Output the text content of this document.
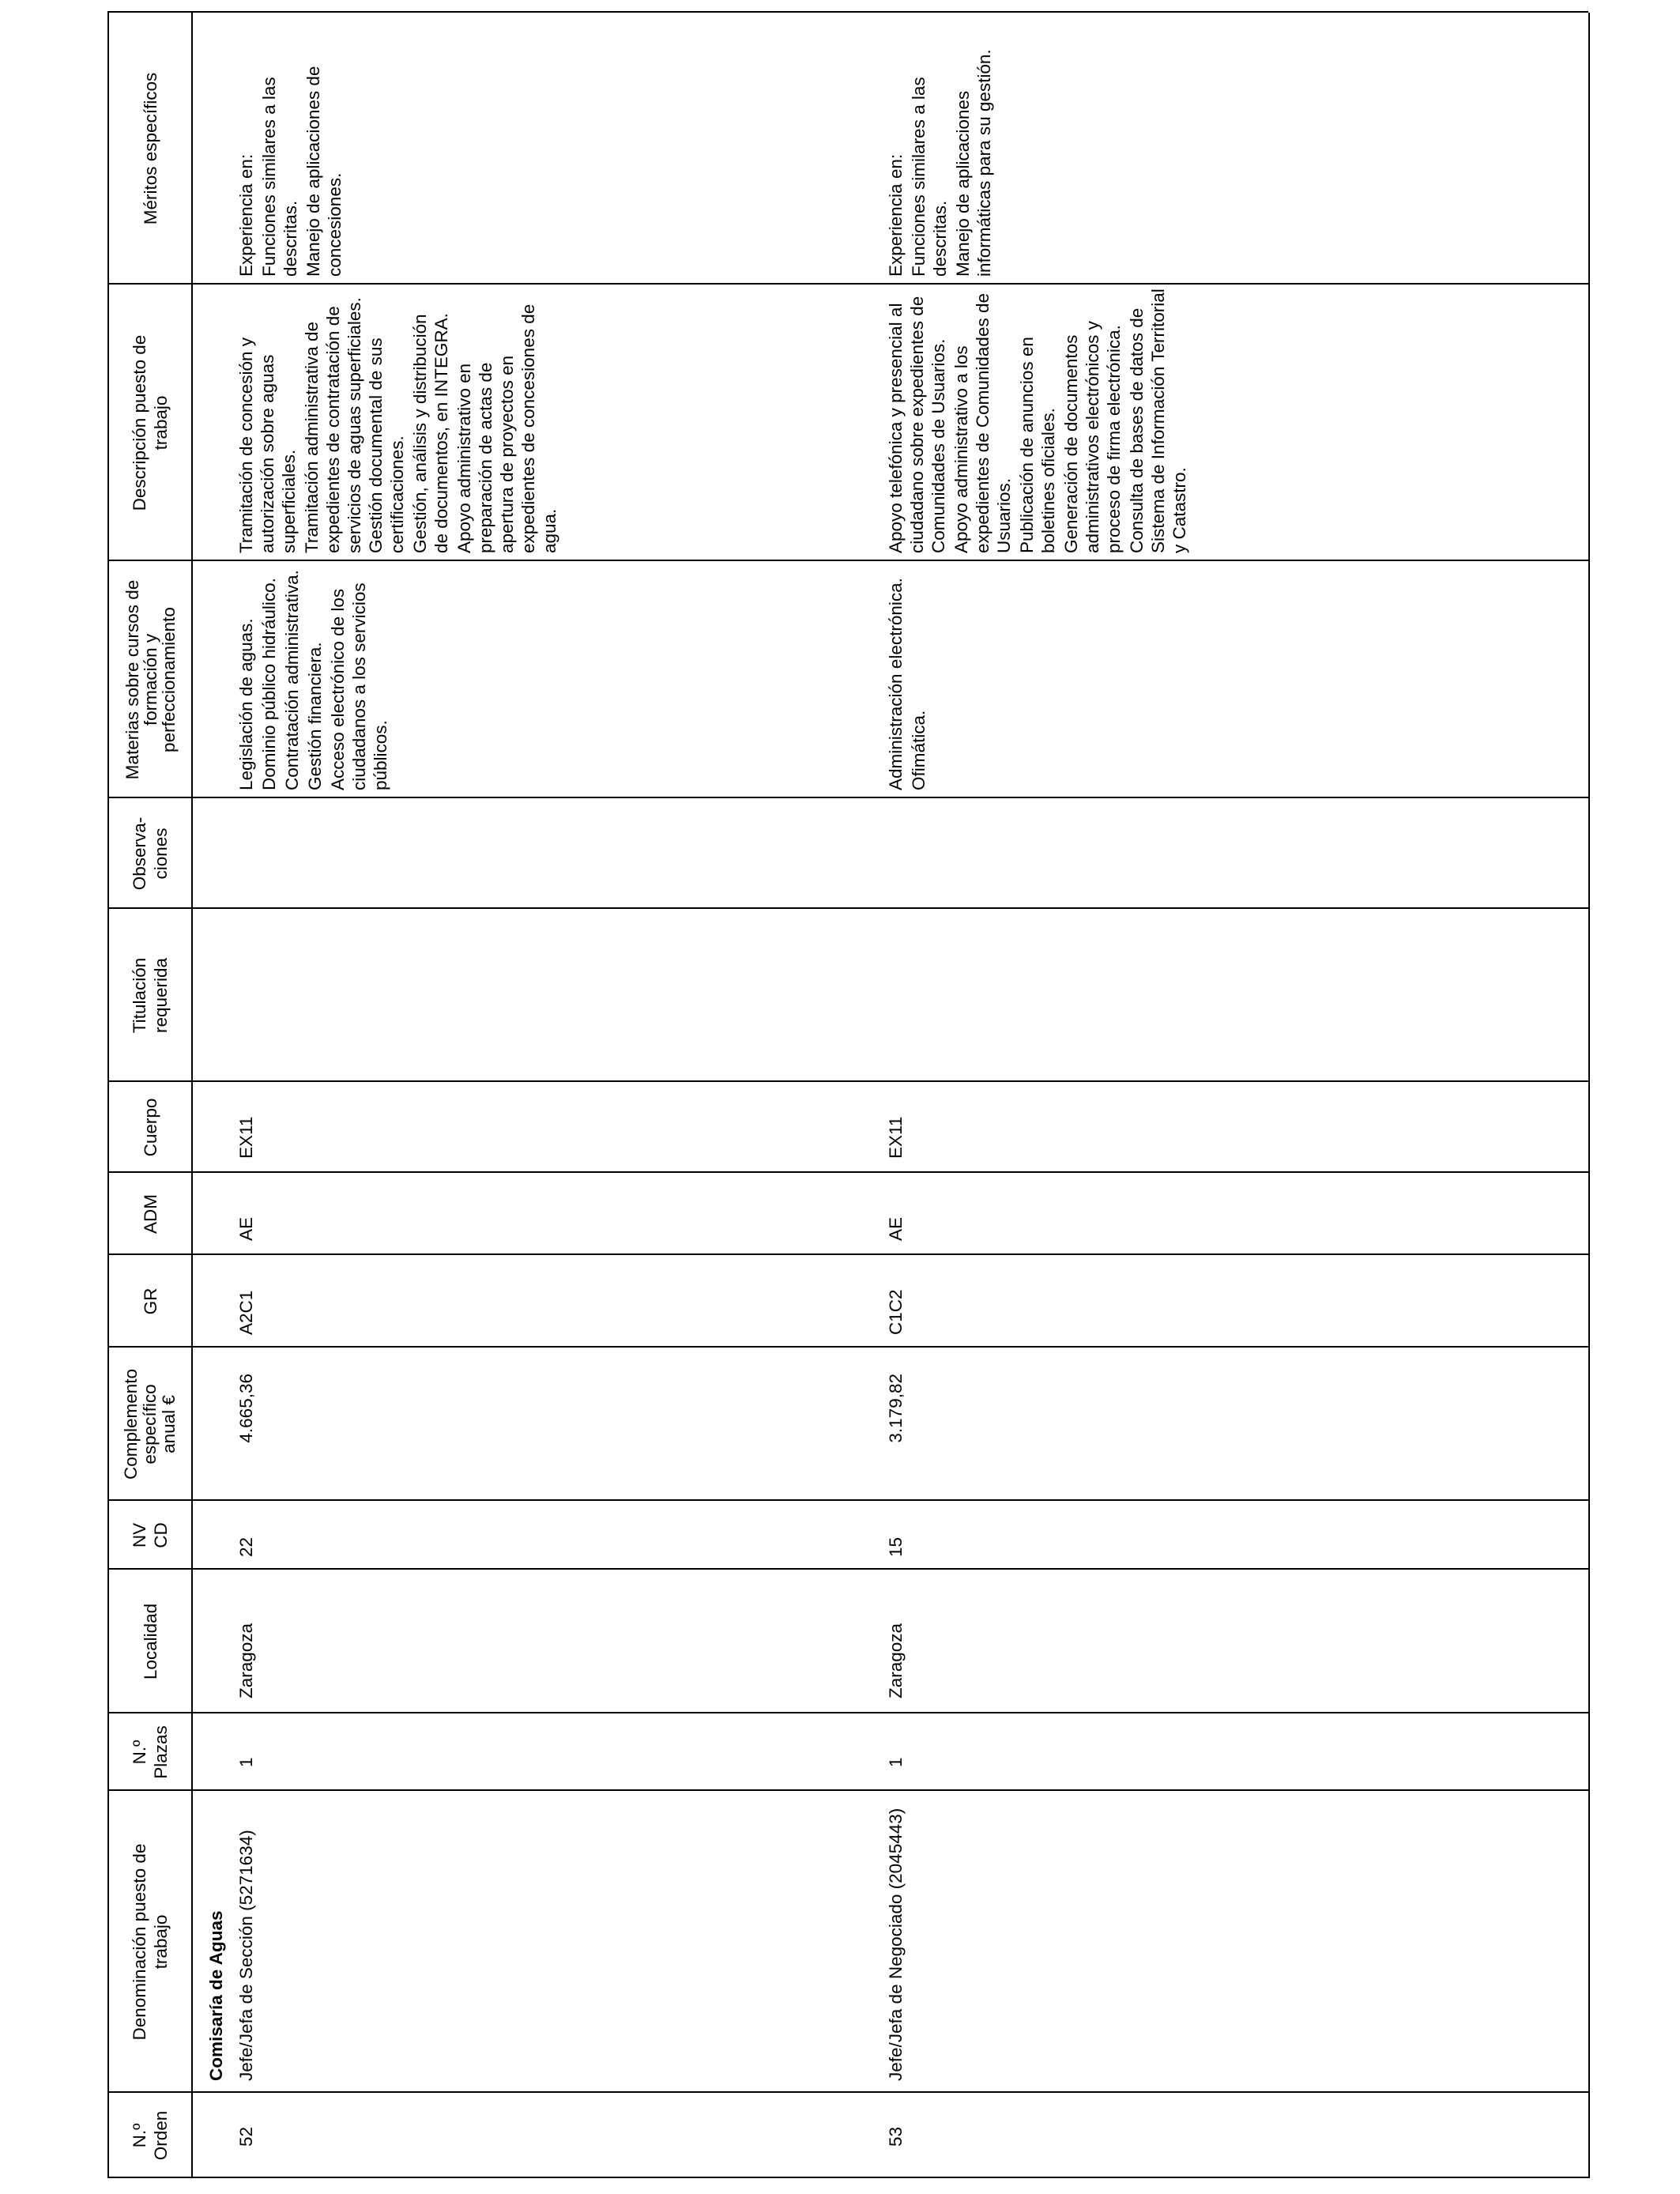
N.º Orden
Denominación puesto de trabajo
N.º Plazas
Localidad
NV CD
Complemento específico anual €
GR
ADM
Cuerpo
Titulación requerida
Observa-ciones
Materias sobre cursos de formación y perfeccionamiento
Descripción puesto de trabajo
Méritos específicos
Comisaría de Aguas
52
Jefe/Jefa de Sección (5271634)
1
Zaragoza
22
4.665,36
A2C1
AE
EX11
Legislación de aguas. Dominio público hidráulico. Contratación administrativa. Gestión financiera. Acceso electrónico de los ciudadanos a los servicios públicos.
Tramitación de concesión y autorización sobre aguas superficiales. Tramitación administrativa de expedientes de contratación de servicios de aguas superficiales. Gestión documental de sus certificaciones. Gestión, análisis y distribución de documentos, en INTEGRA. Apoyo administrativo en preparación de actas de apertura de proyectos en expedientes de concesiones de agua.
Experiencia en: Funciones similares a las descritas. Manejo de aplicaciones de concesiones.
53
Jefe/Jefa de Negociado (2045443)
1
Zaragoza
15
3.179,82
C1C2
AE
EX11
Administración electrónica. Ofimática.
Apoyo telefónica y presencial al ciudadano sobre expedientes de Comunidades de Usuarios. Apoyo administrativo a los expedientes de Comunidades de Usuarios. Publicación de anuncios en boletines oficiales. Generación de documentos administrativos electrónicos y proceso de firma electrónica. Consulta de bases de datos de Sistema de Información Territorial y Catastro.
Experiencia en: Funciones similares a las descritas. Manejo de aplicaciones informáticas para su gestión.
